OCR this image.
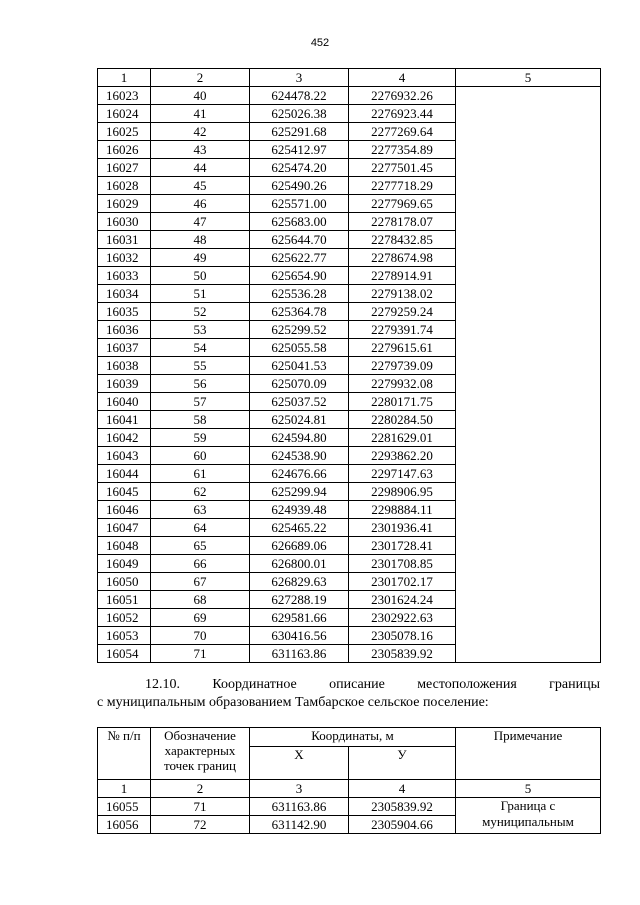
452
1	2	3	4	5
16023	40	624478.22	2276932.26	
16024	41	625026.38	2276923.44	
16025	42	625291.68	2277269.64	
16026	43	625412.97	2277354.89	
16027	44	625474.20	2277501.45	
16028	45	625490.26	2277718.29	
16029	46	625571.00	2277969.65	
16030	47	625683.00	2278178.07	
16031	48	625644.70	2278432.85	
16032	49	625622.77	2278674.98	
16033	50	625654.90	2278914.91	
16034	51	625536.28	2279138.02	
16035	52	625364.78	2279259.24	
16036	53	625299.52	2279391.74	
16037	54	625055.58	2279615.61	
16038	55	625041.53	2279739.09	
16039	56	625070.09	2279932.08	
16040	57	625037.52	2280171.75	
16041	58	625024.81	2280284.50	
16042	59	624594.80	2281629.01	
16043	60	624538.90	2293862.20	
16044	61	624676.66	2297147.63	
16045	62	625299.94	2298906.95	
16046	63	624939.48	2298884.11	
16047	64	625465.22	2301936.41	
16048	65	626689.06	2301728.41	
16049	66	626800.01	2301708.85	
16050	67	626829.63	2301702.17	
16051	68	627288.19	2301624.24	
16052	69	629581.66	2302922.63	
16053	70	630416.56	2305078.16	
16054	71	631163.86	2305839.92	
12.10. Координатное описание местоположения границы
с муниципальным образованием Тамбарское сельское поселение:
№ п/п	Обозначение характерных точек границ	Координаты, м		Примечание
		Х	У	
1	2	3	4	5
16055	71	631163.86	2305839.92	Граница с муниципальным
16056	72	631142.90	2305904.66	
